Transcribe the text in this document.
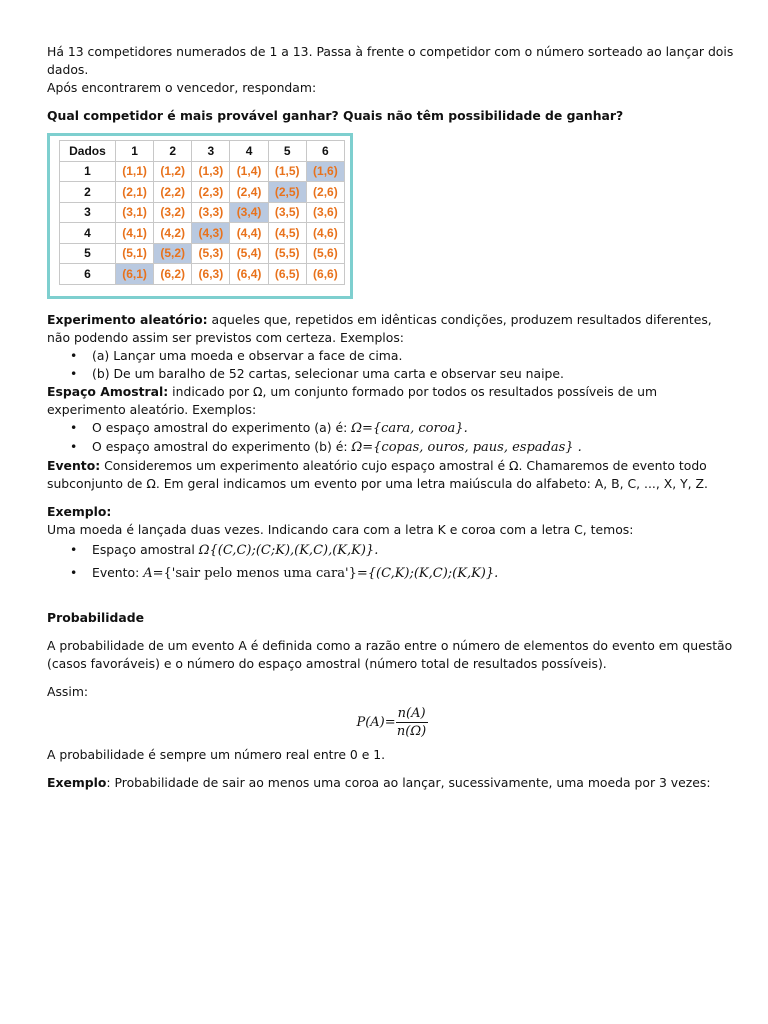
Há 13 competidores numerados de 1 a 13. Passa à frente o competidor com o número sorteado ao lançar dois dados.

Após encontrarem o vencedor, respondam:

Qual competidor é mais provável ganhar? Quais não têm possibilidade de ganhar?

Dados	1	2	3	4	5	6
1	(1,1)	(1,2)	(1,3)	(1,4)	(1,5)	(1,6)
2	(2,1)	(2,2)	(2,3)	(2,4)	(2,5)	(2,6)
3	(3,1)	(3,2)	(3,3)	(3,4)	(3,5)	(3,6)
4	(4,1)	(4,2)	(4,3)	(4,4)	(4,5)	(4,6)
5	(5,1)	(5,2)	(5,3)	(5,4)	(5,5)	(5,6)
6	(6,1)	(6,2)	(6,3)	(6,4)	(6,5)	(6,6)

Experimento aleatório: aqueles que, repetidos em idênticas condições, produzem resultados diferentes, não podendo assim ser previstos com certeza. Exemplos:

• (a) Lançar uma moeda e observar a face de cima.
• (b) De um baralho de 52 cartas, selecionar uma carta e observar seu naipe.

Espaço Amostral: indicado por Ω, um conjunto formado por todos os resultados possíveis de um experimento aleatório. Exemplos:

• O espaço amostral do experimento (a) é: Ω={cara, coroa}.
• O espaço amostral do experimento (b) é: Ω={copas, ouros, paus, espadas} .

Evento: Consideremos um experimento aleatório cujo espaço amostral é Ω. Chamaremos de evento todo subconjunto de Ω. Em geral indicamos um evento por uma letra maiúscula do alfabeto: A, B, C, ..., X, Y, Z.

Exemplo:

Uma moeda é lançada duas vezes. Indicando cara com a letra K e coroa com a letra C, temos:

• Espaço amostral Ω{(C,C);(C;K),(K,C),(K,K)}.
• Evento: A={'sair pelo menos uma cara'}={(C,K);(K,C);(K,K)}.

Probabilidade

A probabilidade de um evento A é definida como a razão entre o número de elementos do evento em questão (casos favoráveis) e o número do espaço amostral (número total de resultados possíveis).

Assim:

$P(A)= \frac{n(A)}{n(\Omega)}$

A probabilidade é sempre um número real entre 0 e 1.

Exemplo: Probabilidade de sair ao menos uma coroa ao lançar, sucessivamente, uma moeda por 3 vezes:
